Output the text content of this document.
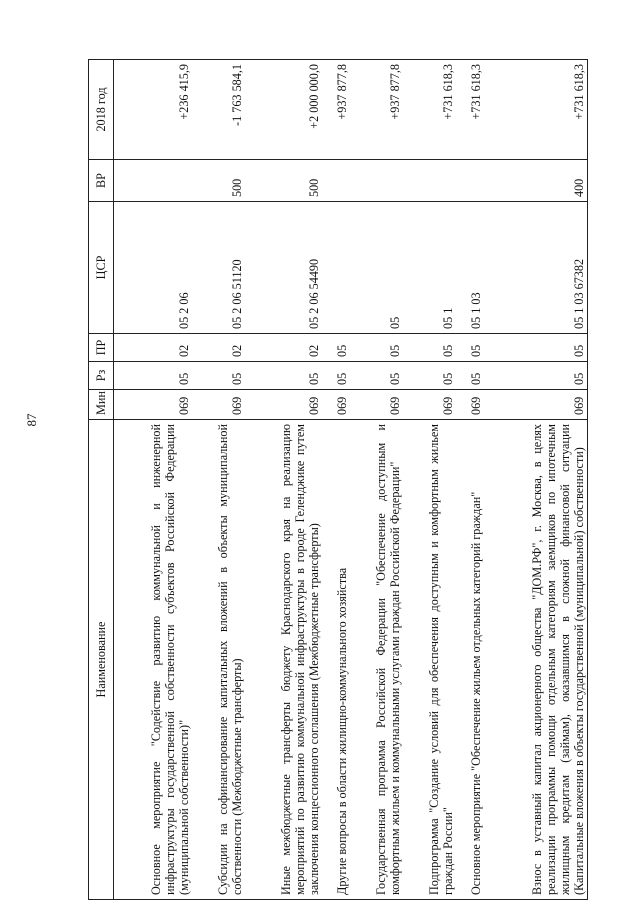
87
Наименование	Мин	Рз	ПР	ЦСР	ВР	2018 год
Основное мероприятие "Содействие развитию коммунальной и инженерной инфраструктуры государственной собственности субъектов Российской Федерации (муниципальной собственности)"	069	05	02	05 2 06		+236 415,9
Субсидии на софинансирование капитальных вложений в объекты муниципальной собственности (Межбюджетные трансферты)	069	05	02	05 2 06 51120	500	-1 763 584,1
Иные межбюджетные трансферты бюджету Краснодарского края на реализацию мероприятий по развитию коммунальной инфраструктуры в городе Геленджике путем заключения концессионного соглашения (Межбюджетные трансферты)	069	05	02	05 2 06 54490	500	+2 000 000,0
Другие вопросы в области жилищно-коммунального хозяйства	069	05	05			+937 877,8
Государственная программа Российской Федерации "Обеспечение доступным и комфортным жильем и коммунальными услугами граждан Российской Федерации"	069	05	05	05		+937 877,8
Подпрограмма "Создание условий для обеспечения доступным и комфортным жильем граждан России"	069	05	05	05 1		+731 618,3
Основное мероприятие "Обеспечение жильем отдельных категорий граждан"	069	05	05	05 1 03		+731 618,3
Взнос в уставный капитал акционерного общества "ДОМ.РФ", г. Москва, в целях реализации программы помощи отдельным категориям заемщиков по ипотечным жилищным кредитам (займам), оказавшимся в сложной финансовой ситуации (Капитальные вложения в объекты государственной (муниципальной) собственности)	069	05	05	05 1 03 67382	400	+731 618,3
